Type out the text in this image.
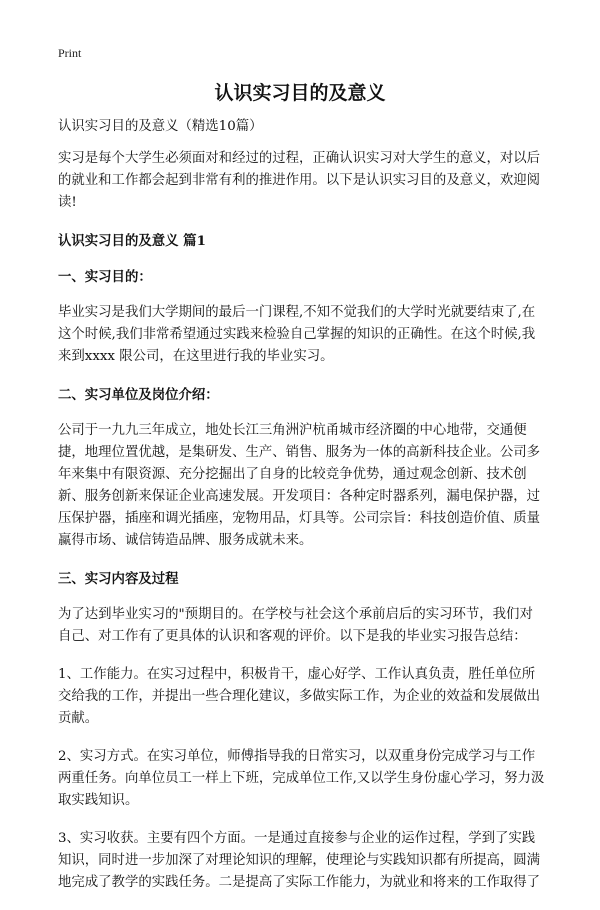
Print
认识实习目的及意义

认识实习目的及意义（精选10篇）

实习是每个大学生必须面对和经过的过程，正确认识实习对大学生的意义，对以后的就业和工作都会起到非常有利的推进作用。以下是认识实习目的及意义，欢迎阅读!

认识实习目的及意义 篇1

一、实习目的：

毕业实习是我们大学期间的最后一门课程,不知不觉我们的大学时光就要结束了,在这个时候,我们非常希望通过实践来检验自己掌握的知识的正确性。在这个时候,我来到xxxx 限公司，在这里进行我的毕业实习。

二、实习单位及岗位介绍：

公司于一九九三年成立，地处长江三角洲沪杭甬城市经济圈的中心地带，交通便捷，地理位置优越，是集研发、生产、销售、服务为一体的高新科技企业。公司多年来集中有限资源、充分挖掘出了自身的比较竞争优势，通过观念创新、技术创新、服务创新来保证企业高速发展。开发项目：各种定时器系列，漏电保护器，过压保护器，插座和调光插座，宠物用品，灯具等。公司宗旨：科技创造价值、质量赢得市场、诚信铸造品牌、服务成就未来。

三、实习内容及过程

为了达到毕业实习的"预期目的。在学校与社会这个承前启后的实习环节，我们对自己、对工作有了更具体的认识和客观的评价。以下是我的毕业实习报告总结：

1、工作能力。在实习过程中，积极肯干，虚心好学、工作认真负责，胜任单位所交给我的工作，并提出一些合理化建议，多做实际工作，为企业的效益和发展做出贡献。

2、实习方式。在实习单位，师傅指导我的日常实习，以双重身份完成学习与工作两重任务。向单位员工一样上下班，完成单位工作,又以学生身份虚心学习，努力汲取实践知识。

3、实习收获。主要有四个方面。一是通过直接参与企业的运作过程，学到了实践知识，同时进一步加深了对理论知识的理解，使理论与实践知识都有所提高，圆满地完成了教学的实践任务。二是提高了实际工作能力，为就业和将来的工作取得了
